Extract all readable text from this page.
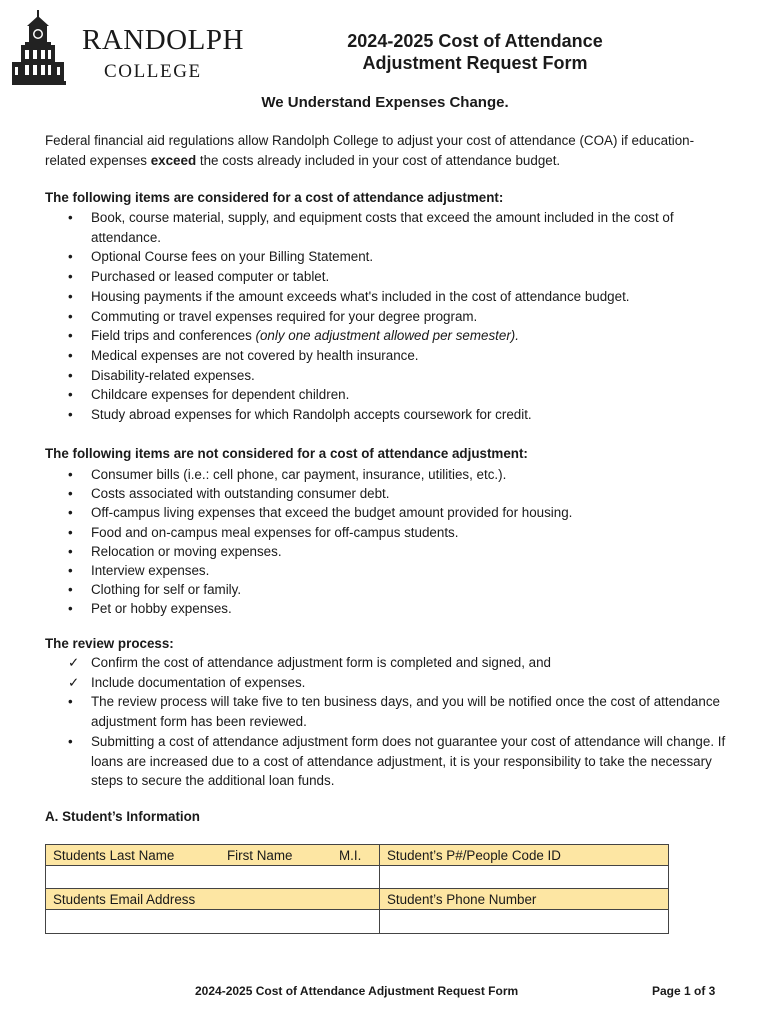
RANDOLPH
COLLEGE
2024-2025 Cost of Attendance
Adjustment Request Form
We Understand Expenses Change.
Federal financial aid regulations allow Randolph College to adjust your cost of attendance (COA) if education-related expenses exceed the costs already included in your cost of attendance budget.
The following items are considered for a cost of attendance adjustment:
• Book, course material, supply, and equipment costs that exceed the amount included in the cost of attendance.
• Optional Course fees on your Billing Statement.
• Purchased or leased computer or tablet.
• Housing payments if the amount exceeds what's included in the cost of attendance budget.
• Commuting or travel expenses required for your degree program.
• Field trips and conferences (only one adjustment allowed per semester).
• Medical expenses are not covered by health insurance.
• Disability-related expenses.
• Childcare expenses for dependent children.
• Study abroad expenses for which Randolph accepts coursework for credit.
The following items are not considered for a cost of attendance adjustment:
• Consumer bills (i.e.: cell phone, car payment, insurance, utilities, etc.).
• Costs associated with outstanding consumer debt.
• Off-campus living expenses that exceed the budget amount provided for housing.
• Food and on-campus meal expenses for off-campus students.
• Relocation or moving expenses.
• Interview expenses.
• Clothing for self or family.
• Pet or hobby expenses.
The review process:
✓ Confirm the cost of attendance adjustment form is completed and signed, and
✓ Include documentation of expenses.
• The review process will take five to ten business days, and you will be notified once the cost of attendance adjustment form has been reviewed.
• Submitting a cost of attendance adjustment form does not guarantee your cost of attendance will change. If loans are increased due to a cost of attendance adjustment, it is your responsibility to take the necessary steps to secure the additional loan funds.
A. Student’s Information
Students Last Name	First Name	M.I.	Student’s P#/People Code ID
Students Email Address	Student’s Phone Number
2024-2025 Cost of Attendance Adjustment Request Form	Page 1 of 3
